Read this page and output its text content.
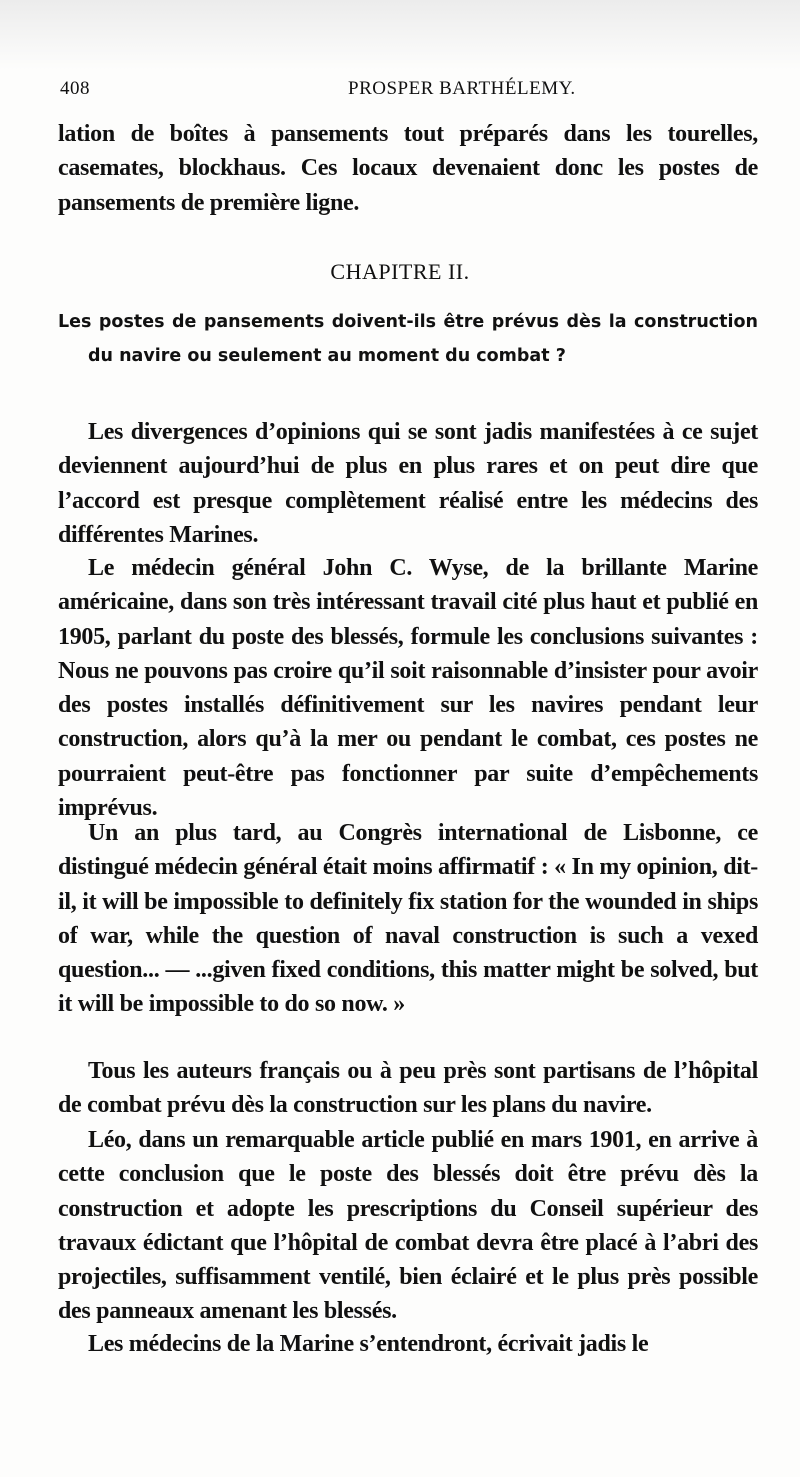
408	PROSPER BARTHÉLEMY.

lation de boîtes à pansements tout préparés dans les tourelles, casemates, blockhaus. Ces locaux devenaient donc les postes de pansements de première ligne.

CHAPITRE II.

Les postes de pansements doivent-ils être prévus dès la construction du navire ou seulement au moment du combat ?

Les divergences d’opinions qui se sont jadis manifestées à ce sujet deviennent aujourd’hui de plus en plus rares et on peut dire que l’accord est presque complètement réalisé entre les médecins des différentes Marines.

Le médecin général John C. Wyse, de la brillante Marine américaine, dans son très intéressant travail cité plus haut et publié en 1905, parlant du poste des blessés, formule les conclusions suivantes : Nous ne pouvons pas croire qu’il soit raisonnable d’insister pour avoir des postes installés définitivement sur les navires pendant leur construction, alors qu’à la mer ou pendant le combat, ces postes ne pourraient peut-être pas fonctionner par suite d’empêchements imprévus.

Un an plus tard, au Congrès international de Lisbonne, ce distingué médecin général était moins affirmatif : « In my opinion, dit-il, it will be impossible to definitely fix station for the wounded in ships of war, while the question of naval construction is such a vexed question... — ...given fixed conditions, this matter might be solved, but it will be impossible to do so now. »

Tous les auteurs français ou à peu près sont partisans de l’hôpital de combat prévu dès la construction sur les plans du navire.

Léo, dans un remarquable article publié en mars 1901, en arrive à cette conclusion que le poste des blessés doit être prévu dès la construction et adopte les prescriptions du Conseil supérieur des travaux édictant que l’hôpital de combat devra être placé à l’abri des projectiles, suffisamment ventilé, bien éclairé et le plus près possible des panneaux amenant les blessés.

Les médecins de la Marine s’entendront, écrivait jadis le
